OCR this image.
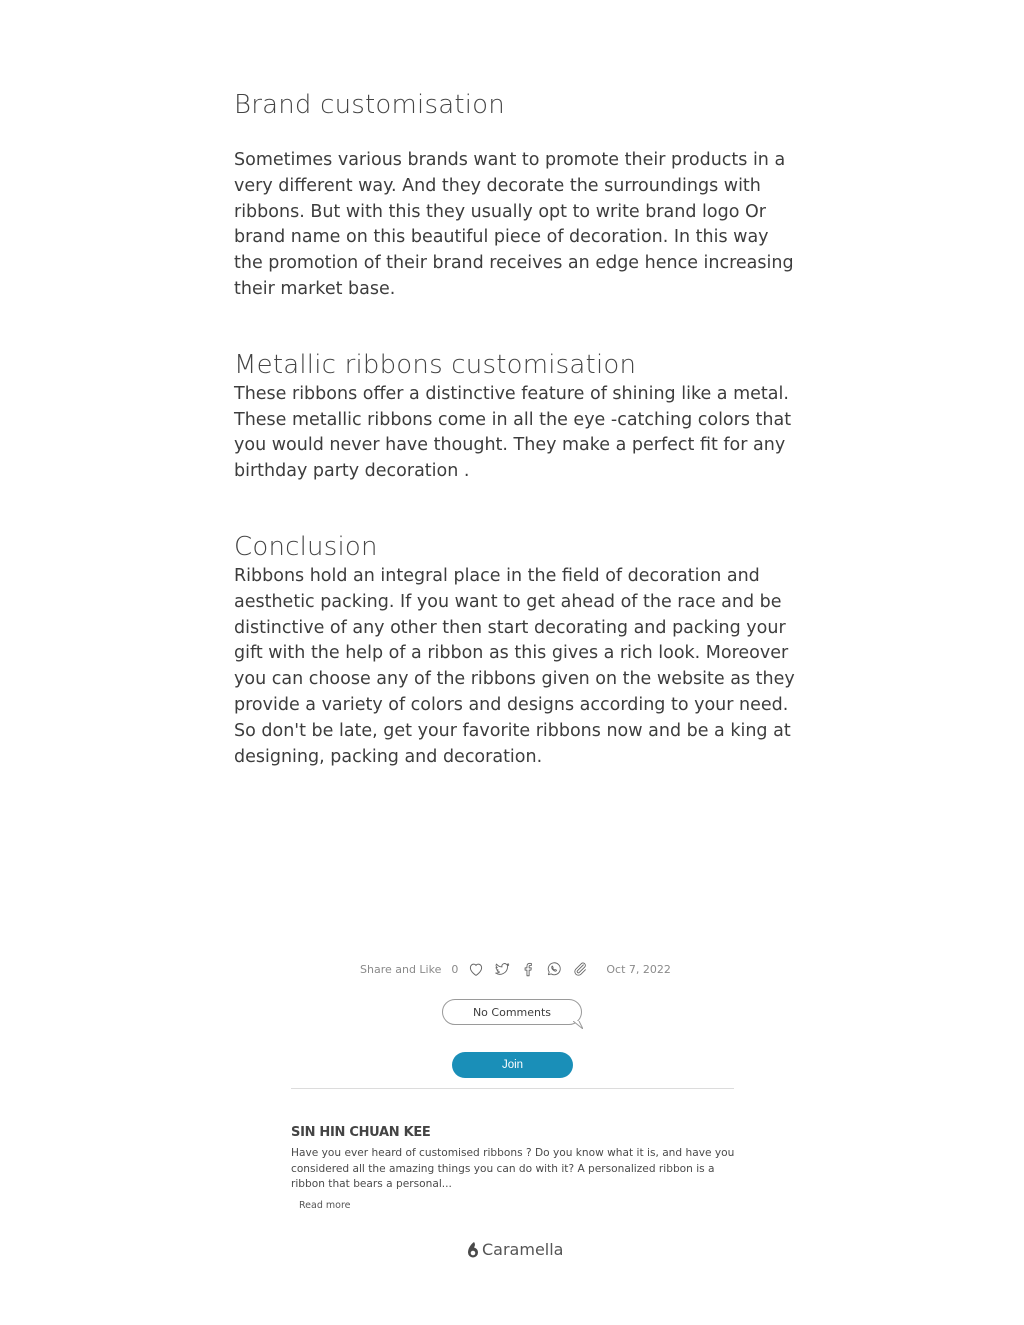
Brand customisation

Sometimes various brands want to promote their products in a very different way. And they decorate the surroundings with ribbons. But with this they usually opt to write brand logo Or brand name on this beautiful piece of decoration. In this way the promotion of their brand receives an edge hence increasing their market base.

Metallic ribbons customisation

These ribbons offer a distinctive feature of shining like a metal. These metallic ribbons come in all the eye -catching colors that you would never have thought. They make a perfect fit for any birthday party decoration .

Conclusion

Ribbons hold an integral place in the field of decoration and aesthetic packing. If you want to get ahead of the race and be distinctive of any other then start decorating and packing your gift with the help of a ribbon as this gives a rich look. Moreover you can choose any of the ribbons given on the website as they provide a variety of colors and designs according to your need. So don't be late, get your favorite ribbons now and be a king at designing, packing and decoration.

Share and Like 0	Oct 7, 2022
No Comments
Join
SIN HIN CHUAN KEE

Have you ever heard of customised ribbons ? Do you know what it is, and have you considered all the amazing things you can do with it? A personalized ribbon is a ribbon that bears a personal...

Read more
Caramella
